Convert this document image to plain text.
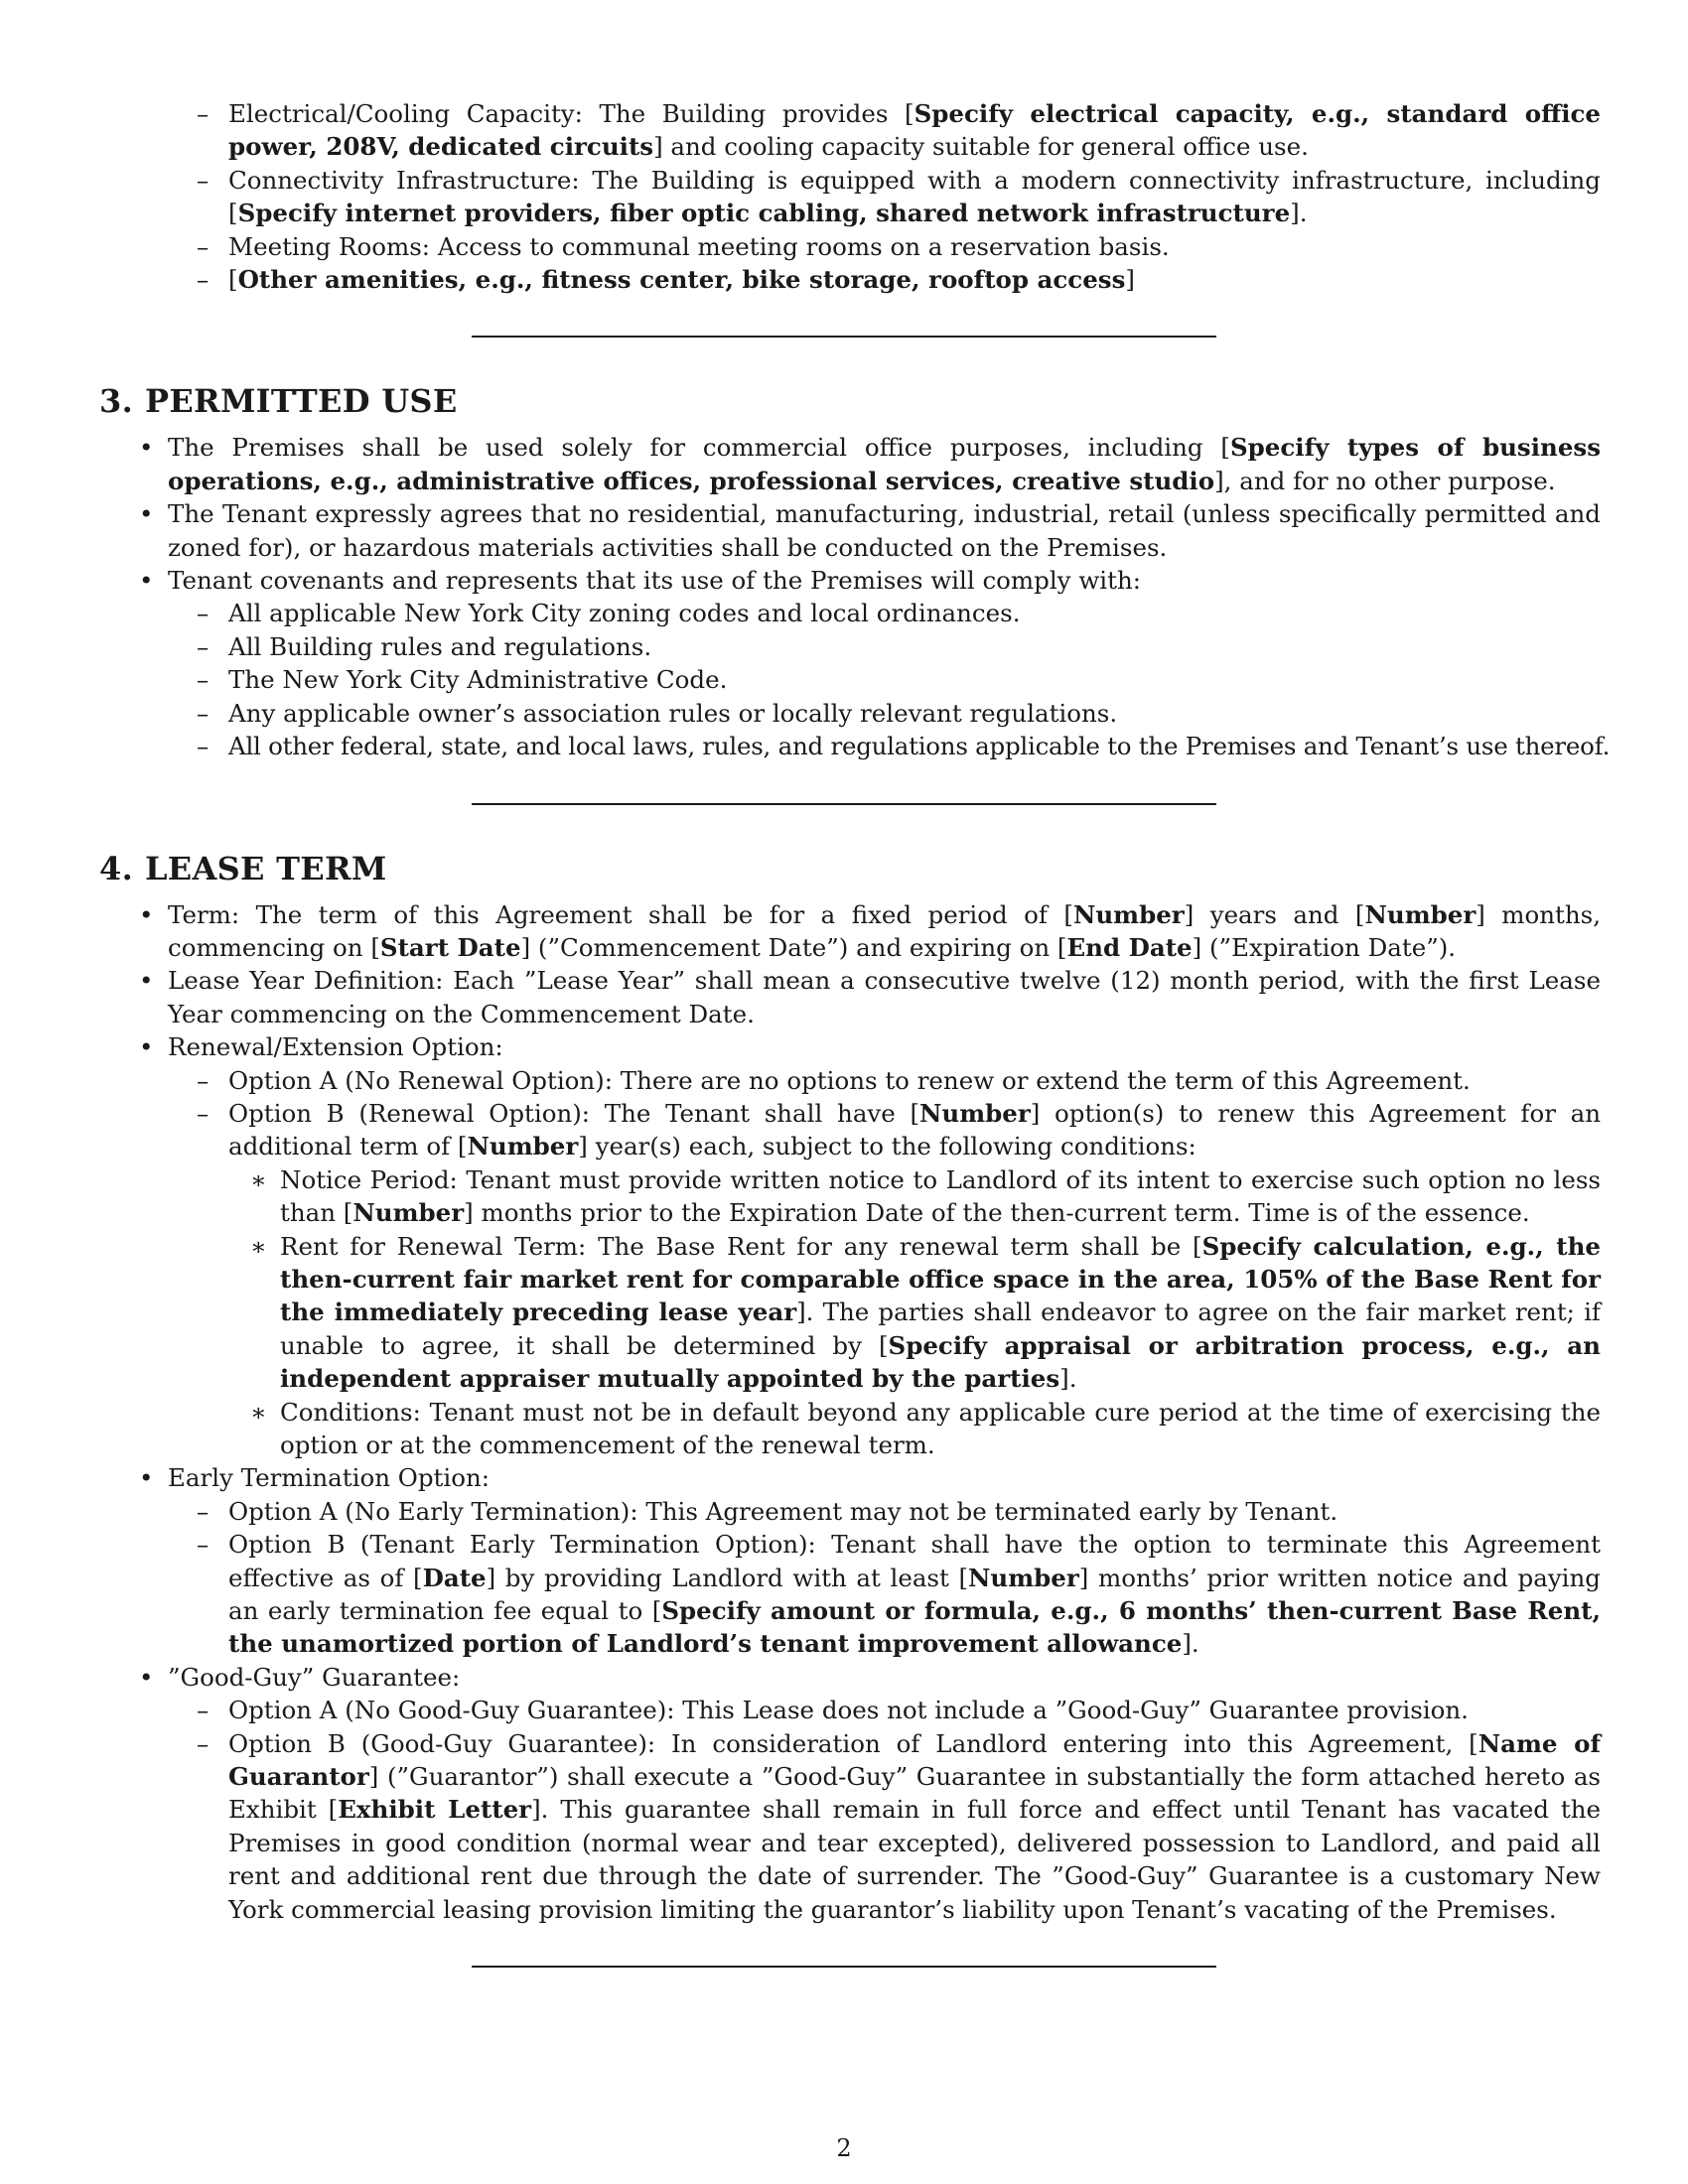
– Electrical/Cooling Capacity: The Building provides [Specify electrical capacity, e.g., standard office power, 208V, dedicated circuits] and cooling capacity suitable for general office use.
– Connectivity Infrastructure: The Building is equipped with a modern connectivity infrastructure, including [Specify internet providers, fiber optic cabling, shared network infrastructure].
– Meeting Rooms: Access to communal meeting rooms on a reservation basis.
– [Other amenities, e.g., fitness center, bike storage, rooftop access]
3. PERMITTED USE
• The Premises shall be used solely for commercial office purposes, including [Specify types of business operations, e.g., administrative offices, professional services, creative studio], and for no other purpose.
• The Tenant expressly agrees that no residential, manufacturing, industrial, retail (unless specifically permitted and zoned for), or hazardous materials activities shall be conducted on the Premises.
• Tenant covenants and represents that its use of the Premises will comply with:
– All applicable New York City zoning codes and local ordinances.
– All Building rules and regulations.
– The New York City Administrative Code.
– Any applicable owner’s association rules or locally relevant regulations.
– All other federal, state, and local laws, rules, and regulations applicable to the Premises and Tenant’s use thereof.
4. LEASE TERM
• Term: The term of this Agreement shall be for a fixed period of [Number] years and [Number] months, commencing on [Start Date] (”Commencement Date”) and expiring on [End Date] (”Expiration Date”).
• Lease Year Definition: Each ”Lease Year” shall mean a consecutive twelve (12) month period, with the first Lease Year commencing on the Commencement Date.
• Renewal/Extension Option:
– Option A (No Renewal Option): There are no options to renew or extend the term of this Agreement.
– Option B (Renewal Option): The Tenant shall have [Number] option(s) to renew this Agreement for an additional term of [Number] year(s) each, subject to the following conditions:
∗ Notice Period: Tenant must provide written notice to Landlord of its intent to exercise such option no less than [Number] months prior to the Expiration Date of the then-current term. Time is of the essence.
∗ Rent for Renewal Term: The Base Rent for any renewal term shall be [Specify calculation, e.g., the then-current fair market rent for comparable office space in the area, 105% of the Base Rent for the immediately preceding lease year]. The parties shall endeavor to agree on the fair market rent; if unable to agree, it shall be determined by [Specify appraisal or arbitration process, e.g., an independent appraiser mutually appointed by the parties].
∗ Conditions: Tenant must not be in default beyond any applicable cure period at the time of exercising the option or at the commencement of the renewal term.
• Early Termination Option:
– Option A (No Early Termination): This Agreement may not be terminated early by Tenant.
– Option B (Tenant Early Termination Option): Tenant shall have the option to terminate this Agreement effective as of [Date] by providing Landlord with at least [Number] months’ prior written notice and paying an early termination fee equal to [Specify amount or formula, e.g., 6 months’ then-current Base Rent, the unamortized portion of Landlord’s tenant improvement allowance].
• ”Good-Guy” Guarantee:
– Option A (No Good-Guy Guarantee): This Lease does not include a ”Good-Guy” Guarantee provision.
– Option B (Good-Guy Guarantee): In consideration of Landlord entering into this Agreement, [Name of Guarantor] (”Guarantor”) shall execute a ”Good-Guy” Guarantee in substantially the form attached hereto as Exhibit [Exhibit Letter]. This guarantee shall remain in full force and effect until Tenant has vacated the Premises in good condition (normal wear and tear excepted), delivered possession to Landlord, and paid all rent and additional rent due through the date of surrender. The ”Good-Guy” Guarantee is a customary New York commercial leasing provision limiting the guarantor’s liability upon Tenant’s vacating of the Premises.
2
